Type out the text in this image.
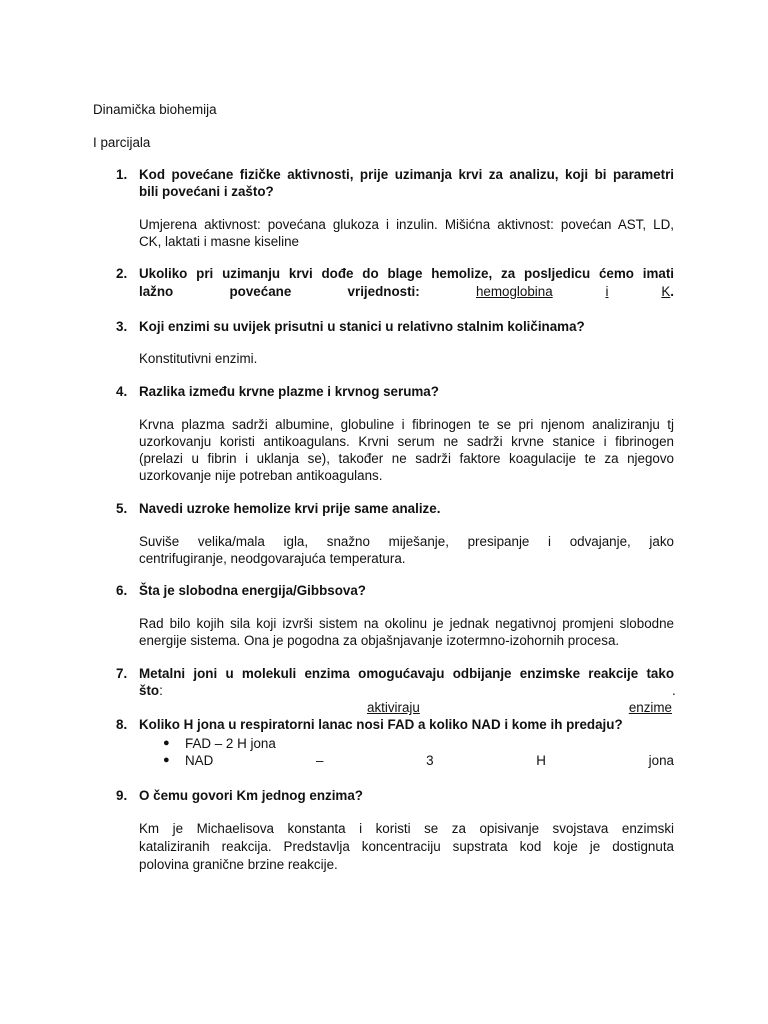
Dinamička biohemija
I parcijala
1. Kod povećane fizičke aktivnosti, prije uzimanja krvi za analizu, koji bi parametri
bili povećani i zašto?
Umjerena aktivnost: povećana glukoza i inzulin. Mišićna aktivnost: povećan AST, LD,
CK, laktati i masne kiseline
2. Ukoliko pri uzimanju krvi dođe do blage hemolize, za posljedicu ćemo imati
lažno	povećane	vrijednosti:	hemoglobina	i	K.
3. Koji enzimi su uvijek prisutni u stanici u relativno stalnim količinama?
Konstitutivni enzimi.
4. Razlika između krvne plazme i krvnog seruma?
Krvna plazma sadrži albumine, globuline i fibrinogen te se pri njenom analiziranju tj
uzorkovanju koristi antikoagulans. Krvni serum ne sadrži krvne stanice i fibrinogen
(prelazi u fibrin i uklanja se), također ne sadrži faktore koagulacije te za njegovo
uzorkovanje nije potreban antikoagulans.
5. Navedi uzroke hemolize krvi prije same analize.
Suviše velika/mala igla, snažno miješanje, presipanje i odvajanje, jako
centrifugiranje, neodgovarajuća temperatura.
6. Šta je slobodna energija/Gibbsova?
Rad bilo kojih sila koji izvrši sistem na okolinu je jednak negativnoj promjeni slobodne
energije sistema. Ona je pogodna za objašnjavanje izotermno-izohornih procesa.
7. Metalni joni u molekuli enzima omogućavaju odbijanje enzimske reakcije tako
što:
aktiviraju	enzime
.
8. Koliko H jona u respiratorni lanac nosi FAD a koliko NAD i kome ih predaju?
● FAD – 2 H jona
● NAD	–	3	H	jona
9. O čemu govori Km jednog enzima?
Km je Michaelisova konstanta i koristi se za opisivanje svojstava enzimski
kataliziranih reakcija. Predstavlja koncentraciju supstrata kod koje je dostignuta
polovina granične brzine reakcije.
